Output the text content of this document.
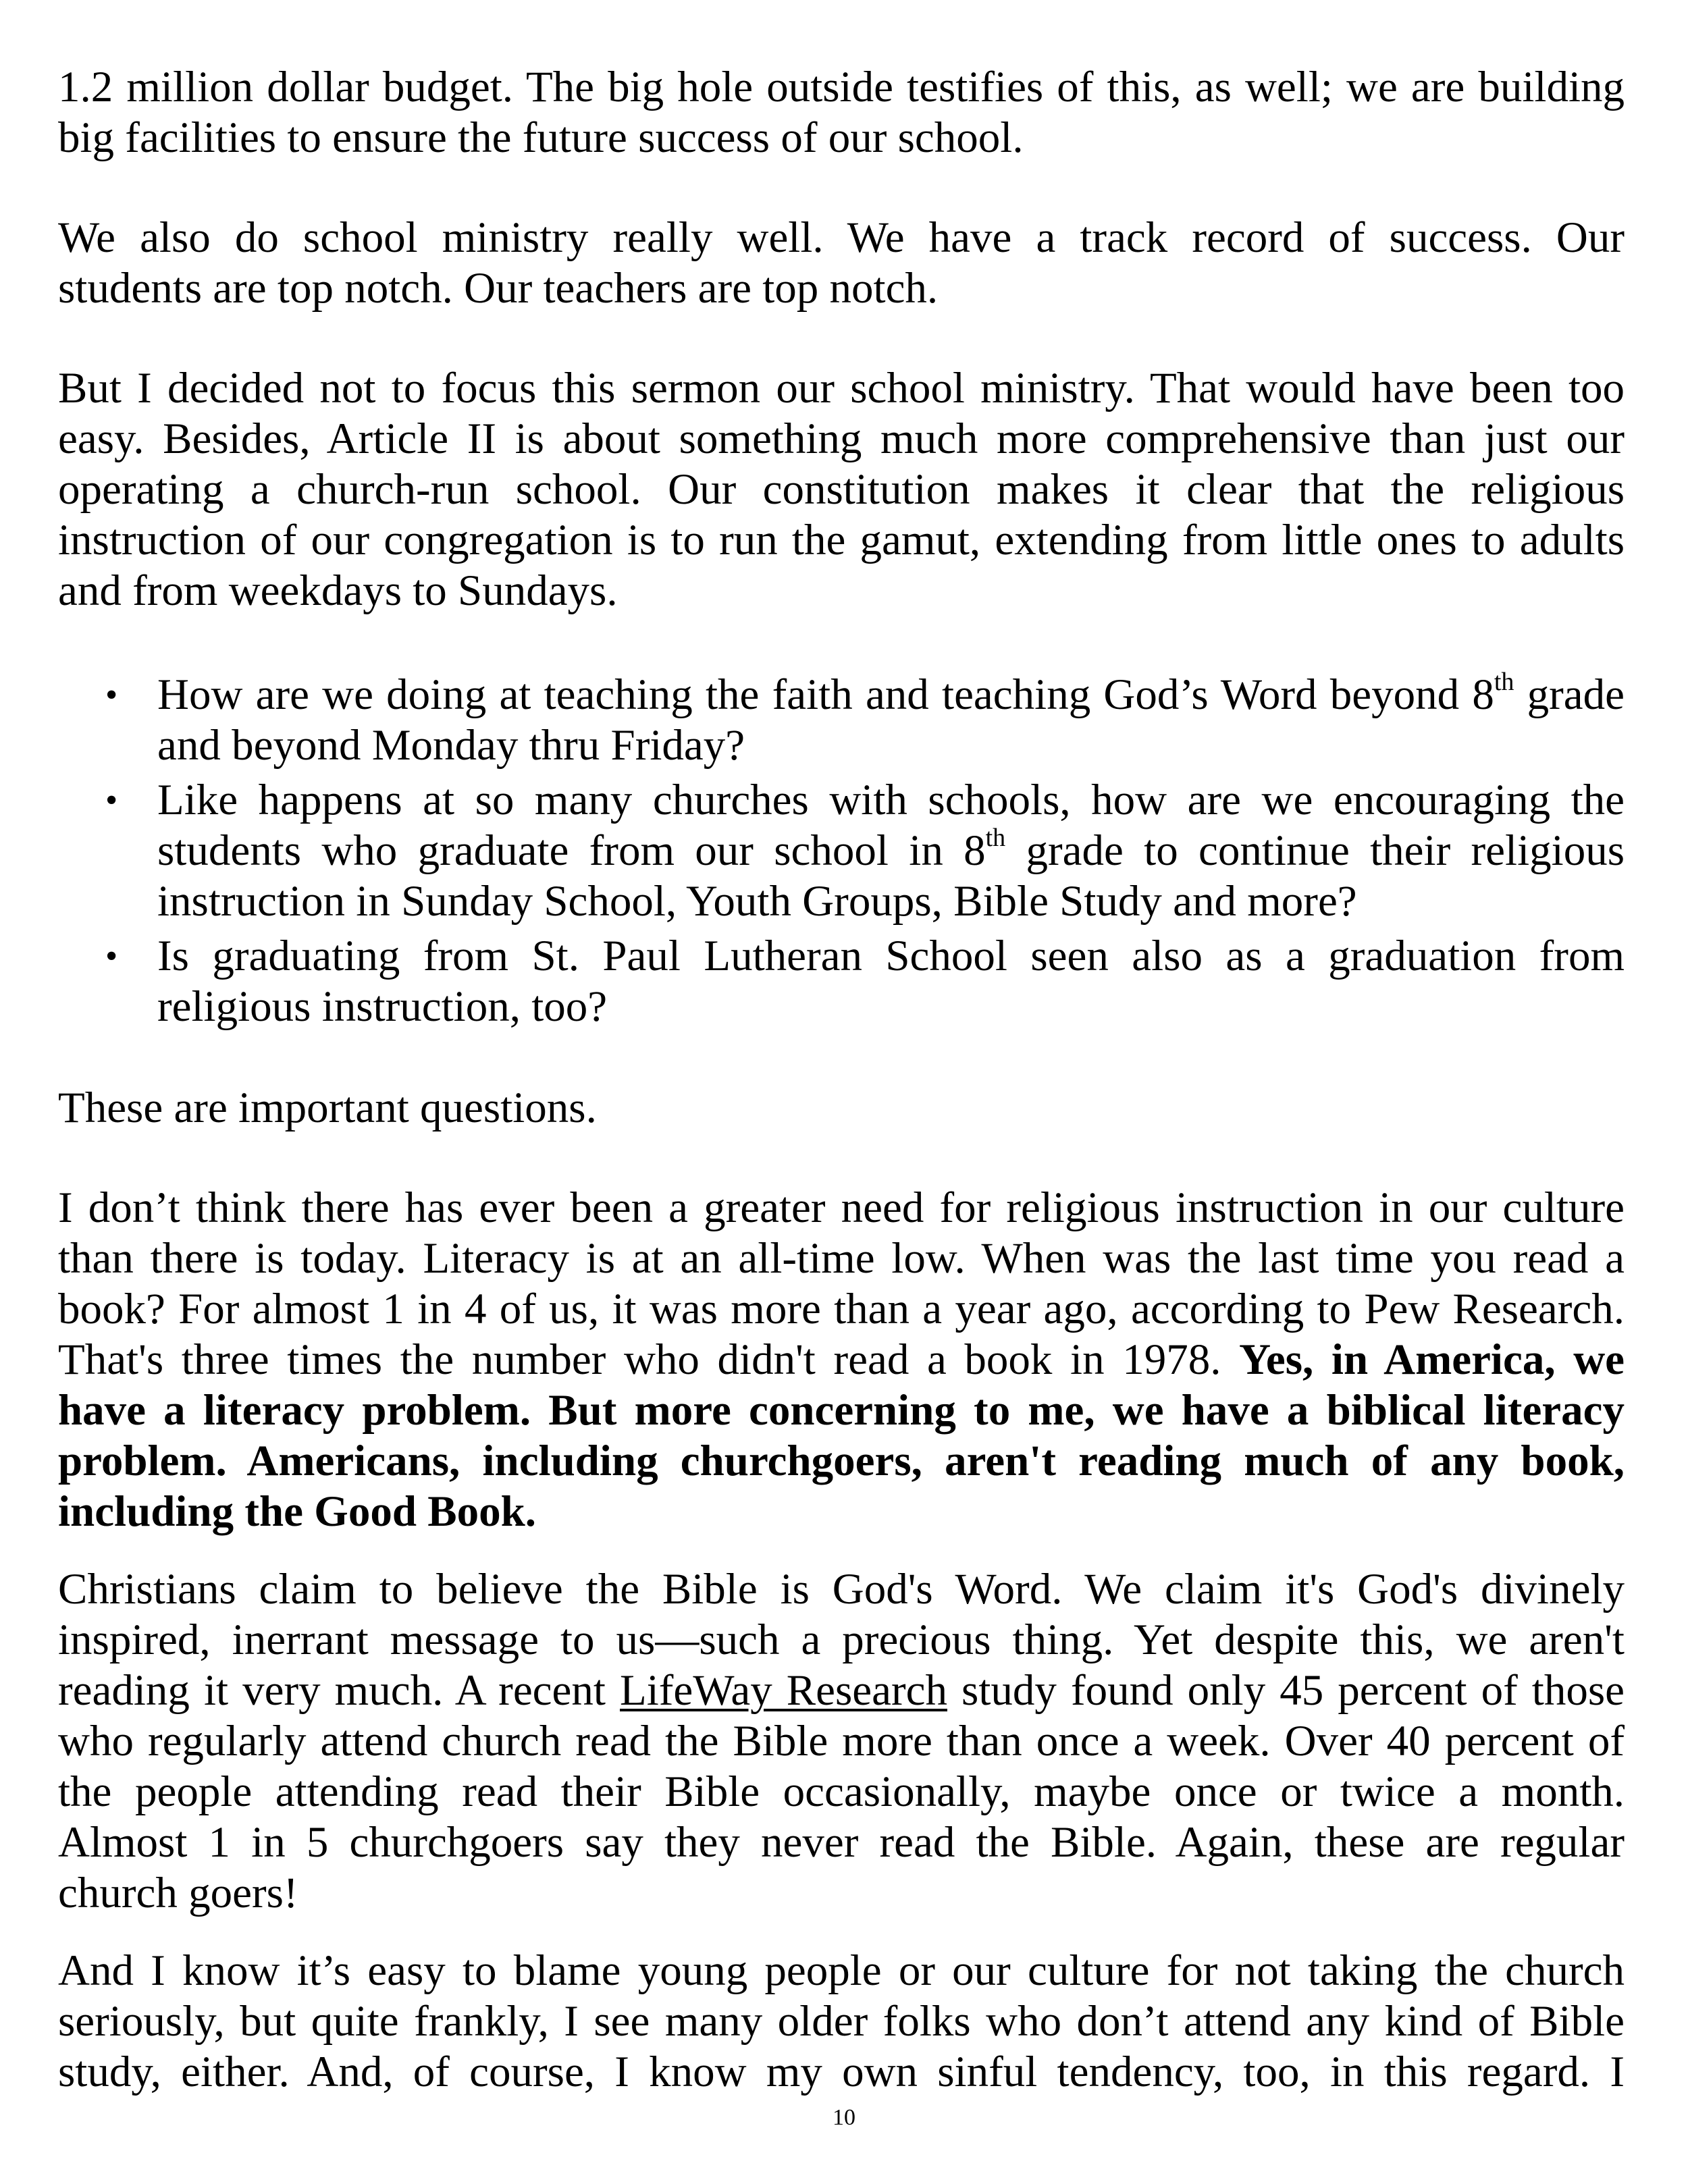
1.2 million dollar budget. The big hole outside testifies of this, as well; we are building
big facilities to ensure the future success of our school.
We also do school ministry really well. We have a track record of success. Our
students are top notch. Our teachers are top notch.
But I decided not to focus this sermon our school ministry. That would have been too
easy. Besides, Article II is about something much more comprehensive than just our
operating a church-run school. Our constitution makes it clear that the religious
instruction of our congregation is to run the gamut, extending from little ones to adults
and from weekdays to Sundays.
• How are we doing at teaching the faith and teaching God’s Word beyond 8th grade
and beyond Monday thru Friday?
• Like happens at so many churches with schools, how are we encouraging the
students who graduate from our school in 8th grade to continue their religious
instruction in Sunday School, Youth Groups, Bible Study and more?
• Is graduating from St. Paul Lutheran School seen also as a graduation from
religious instruction, too?
These are important questions.
I don’t think there has ever been a greater need for religious instruction in our culture
than there is today. Literacy is at an all-time low. When was the last time you read a
book? For almost 1 in 4 of us, it was more than a year ago, according to Pew Research.
That's three times the number who didn't read a book in 1978. Yes, in America, we
have a literacy problem. But more concerning to me, we have a biblical literacy
problem. Americans, including churchgoers, aren't reading much of any book,
including the Good Book.
Christians claim to believe the Bible is God's Word. We claim it's God's divinely
inspired, inerrant message to us—such a precious thing. Yet despite this, we aren't
reading it very much. A recent LifeWay Research study found only 45 percent of those
who regularly attend church read the Bible more than once a week. Over 40 percent of
the people attending read their Bible occasionally, maybe once or twice a month.
Almost 1 in 5 churchgoers say they never read the Bible. Again, these are regular
church goers!
And I know it’s easy to blame young people or our culture for not taking the church
seriously, but quite frankly, I see many older folks who don’t attend any kind of Bible
study, either. And, of course, I know my own sinful tendency, too, in this regard. I
10
